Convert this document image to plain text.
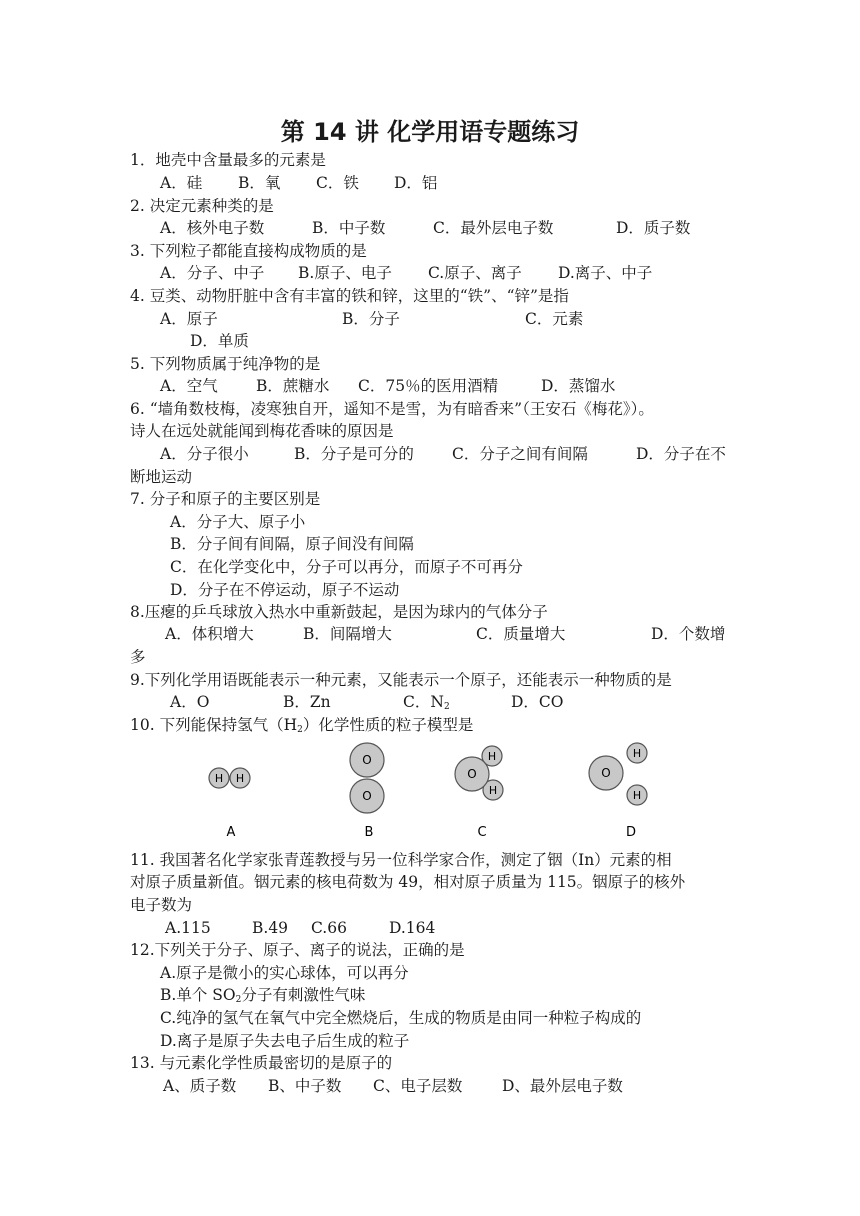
第 14 讲 化学用语专题练习
1．地壳中含量最多的元素是
A．硅 B．氧 C．铁 D．铝
2. 决定元素种类的是
A．核外电子数	B．中子数	C．最外层电子数	D．质子数
3. 下列粒子都能直接构成物质的是
A．分子、中子 B.原子、电子 C.原子、离子 D.离子、中子
4. 豆类、动物肝脏中含有丰富的铁和锌，这里的“铁”、“锌”是指
A．原子	B．分子	C．元素
D．单质
5. 下列物质属于纯净物的是
A．空气 B．蔗糖水 C．75％的医用酒精	D．蒸馏水
6. “墙角数枝梅，凌寒独自开，遥知不是雪，为有暗香来”（王安石《梅花》）。
诗人在远处就能闻到梅花香味的原因是
A．分子很小	B．分子是可分的 C．分子之间有间隔	D．分子在不
断地运动
7. 分子和原子的主要区别是
A．分子大、原子小
B．分子间有间隔，原子间没有间隔
C．在化学变化中，分子可以再分，而原子不可再分
D．分子在不停运动，原子不运动
8.压瘪的乒乓球放入热水中重新鼓起，是因为球内的气体分子
A．体积增大	B．间隔增大	C．质量增大	D．个数增
多
9.下列化学用语既能表示一种元素，又能表示一个原子，还能表示一种物质的是
A．O	B．Zn	C．$N_2$	D．CO
10. 下列能保持氢气$(H_2)$化学性质的粒子模型是
H H
O
O
H
H
O	O
H
H
A	B	C	D
11. 我国著名化学家张青莲教授与另一位科学家合作，测定了铟（In）元素的相
对原子质量新值。铟元素的核电荷数为 49，相对原子质量为 115。铟原子的核外
电子数为
A.115	B.49 C.66	D.164
12.下列关于分子、原子、离子的说法，正确的是
A.原子是微小的实心球体，可以再分
B.单个 $SO_2$分子有刺激性气味
C.纯净的氢气在氧气中完全燃烧后，生成的物质是由同一种粒子构成的
D.离子是原子失去电子后生成的粒子
13. 与元素化学性质最密切的是原子的
A、质子数 B、中子数 C、电子层数	D、最外层电子数
